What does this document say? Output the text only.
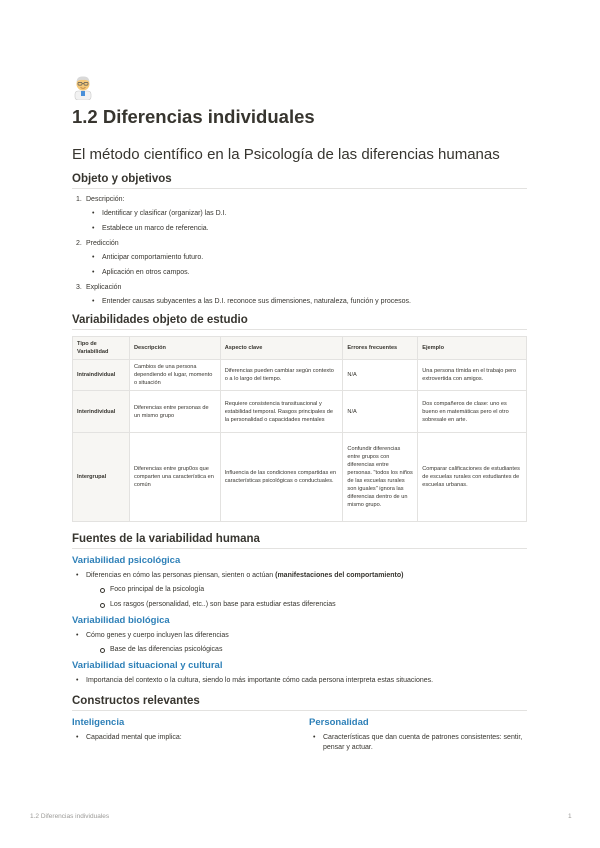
1.2 Diferencias individuales
El método científico en la Psicología de las diferencias humanas
Objeto y objetivos
1. Descripción:
• Identificar y clasificar (organizar) las D.I.
• Establece un marco de referencia.
2. Predicción
• Anticipar comportamiento futuro.
• Aplicación en otros campos.
3. Explicación
• Entender causas subyacentes a las D.I. reconoce sus dimensiones, naturaleza, función y procesos.
Variabilidades objeto de estudio
Tipo de Variabilidad	Descripción	Aspecto clave	Errores frecuentes	Ejemplo
Intraindividual	Cambios de una persona dependiendo el lugar, momento o situación	Diferencias pueden cambiar según contexto o a lo largo del tiempo.	N/A	Una persona tímida en el trabajo pero extrovertida con amigos.
Interindividual	Diferencias entre personas de un mismo grupo	Requiere consistencia transituacional y estabilidad temporal. Rasgos principales de la personalidad o capacidades mentales	N/A	Dos compañeros de clase: uno es bueno en matemáticas pero el otro sobresale en arte.
Intergrupal	Diferencias entre grup0os que comparten una característica en común	Influencia de las condiciones compartidas en características psicológicas o conductuales.	Confundir diferencias entre grupos con diferencias entre personas. "todos los niños de las escuelas rurales son iguales" ignora las diferencias dentro de un mismo grupo.	Comparar calificaciones de estudiantes de escuelas rurales con estudiantes de escuelas urbanas.
Fuentes de la variabilidad humana
Variabilidad psicológica
• Diferencias en cómo las personas piensan, sienten o actúan (manifestaciones del comportamiento)
Foco principal de la psicología
Los rasgos (personalidad, etc..) son base para estudiar estas diferencias
Variabilidad biológica
• Cómo genes y cuerpo incluyen las diferencias
Base de las diferencias psicológicas
Variabilidad situacional y cultural
• Importancia del contexto o la cultura, siendo lo más importante cómo cada persona interpreta estas situaciones.
Constructos relevantes
Inteligencia
• Capacidad mental que implica:
Personalidad
• Características que dan cuenta de patrones consistentes: sentir, pensar y actuar.
1.2 Diferencias individuales	1
